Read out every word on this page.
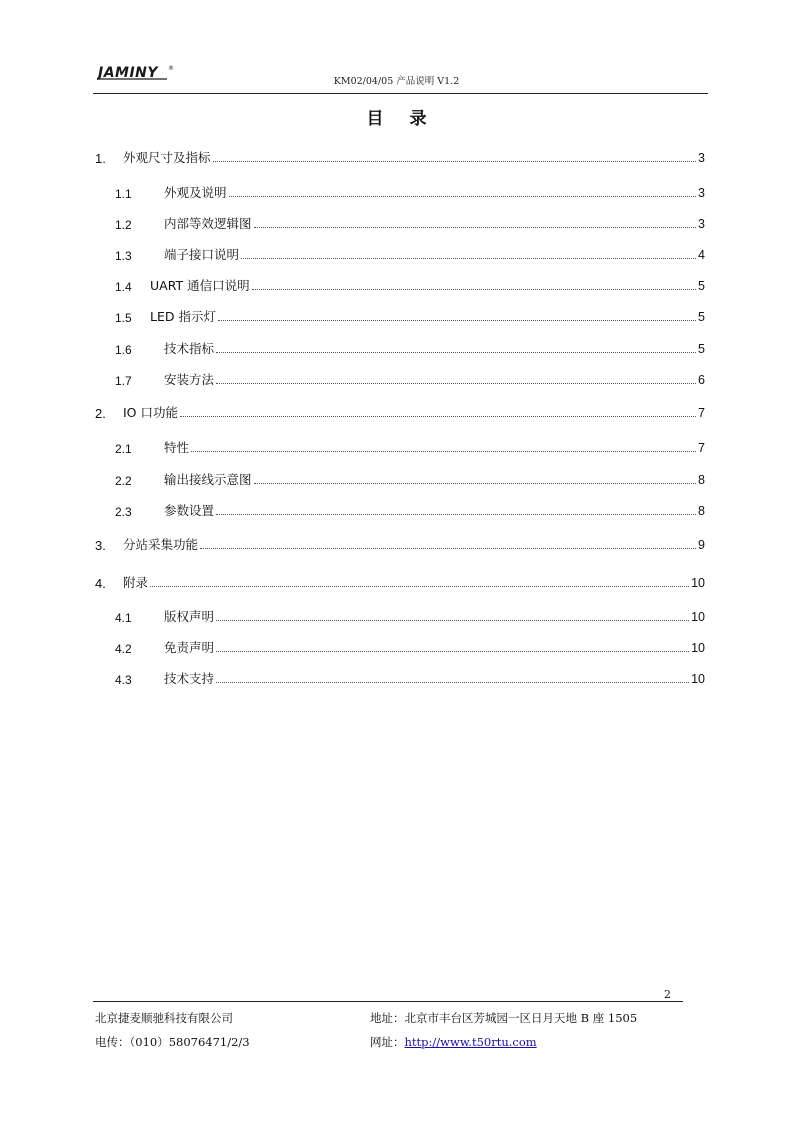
JAMINY ®
KM02/04/05 产品说明 V1.2
目 录
1. 外观尺寸及指标	3
1.1	外观及说明	3
1.2	内部等效逻辑图	3
1.3	端子接口说明	4
1.4 UART 通信口说明	5
1.5 LED 指示灯	5
1.6	技术指标	5
1.7	安装方法	6
2. IO 口功能	7
2.1	特性	7
2.2	输出接线示意图	8
2.3	参数设置	8
3. 分站采集功能	9
4. 附录	10
4.1	版权声明	10
4.2	免责声明	10
4.3	技术支持	10
2
北京捷麦顺驰科技有限公司	地址：北京市丰台区芳城园一区日月天地 B 座 1505
电传：（010）58076471/2/3	网址：http://www.t50rtu.com
